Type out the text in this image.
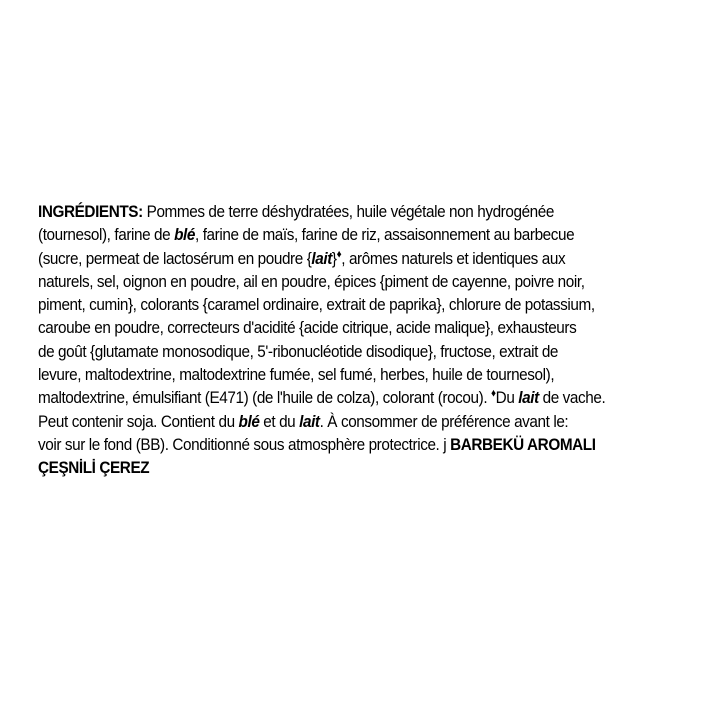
INGRÉDIENTS: Pommes de terre déshydratées, huile végétale non hydrogénée
(tournesol), farine de blé, farine de maïs, farine de riz, assaisonnement au barbecue
(sucre, permeat de lactosérum en poudre {lait}♦, arômes naturels et identiques aux
naturels, sel, oignon en poudre, ail en poudre, épices {piment de cayenne, poivre noir,
piment, cumin}, colorants {caramel ordinaire, extrait de paprika}, chlorure de potassium,
caroube en poudre, correcteurs d'acidité {acide citrique, acide malique}, exhausteurs
de goût {glutamate monosodique, 5'-ribonucléotide disodique}, fructose, extrait de
levure, maltodextrine, maltodextrine fumée, sel fumé, herbes, huile de tournesol),
maltodextrine, émulsifiant (E471) (de l'huile de colza), colorant (rocou). ♦Du lait de vache.
Peut contenir soja. Contient du blé et du lait. À consommer de préférence avant le:
voir sur le fond (BB). Conditionné sous atmosphère protectrice. j BARBEKÜ AROMALI
ÇEŞNİLİ ÇEREZ
